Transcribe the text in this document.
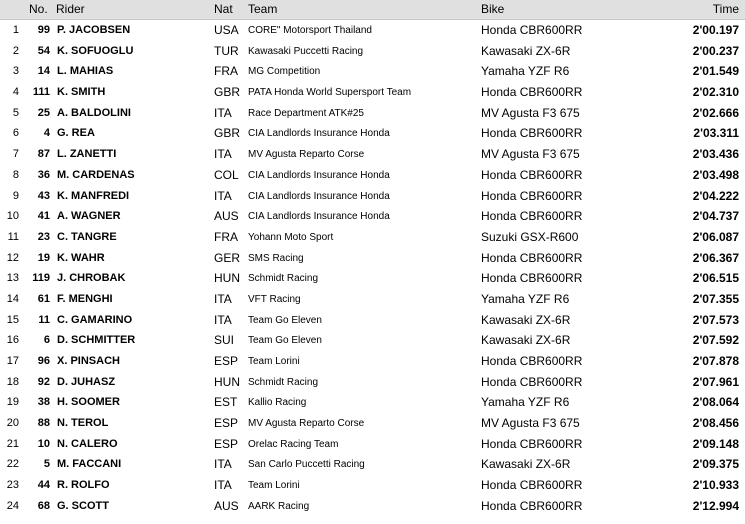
No. Rider	Nat Team	Bike	Time
1	99 P. JACOBSEN	USA CORE" Motorsport Thailand	Honda CBR600RR	2'00.197
2	54 K. SOFUOGLU	TUR Kawasaki Puccetti Racing	Kawasaki ZX-6R	2'00.237
3	14 L. MAHIAS	FRA MG Competition	Yamaha YZF R6	2'01.549
4	111 K. SMITH	GBR PATA Honda World Supersport Team	Honda CBR600RR	2'02.310
5	25 A. BALDOLINI	ITA Race Department ATK#25	MV Agusta F3 675	2'02.666
6	4 G. REA	GBR CIA Landlords Insurance Honda	Honda CBR600RR	2'03.311
7	87 L. ZANETTI	ITA MV Agusta Reparto Corse	MV Agusta F3 675	2'03.436
8	36 M. CARDENAS	COL CIA Landlords Insurance Honda	Honda CBR600RR	2'03.498
9	43 K. MANFREDI	ITA CIA Landlords Insurance Honda	Honda CBR600RR	2'04.222
10	41 A. WAGNER	AUS CIA Landlords Insurance Honda	Honda CBR600RR	2'04.737
11	23 C. TANGRE	FRA Yohann Moto Sport	Suzuki GSX-R600	2'06.087
12	19 K. WAHR	GER SMS Racing	Honda CBR600RR	2'06.367
13	119 J. CHROBAK	HUN Schmidt Racing	Honda CBR600RR	2'06.515
14	61 F. MENGHI	ITA VFT Racing	Yamaha YZF R6	2'07.355
15	11 C. GAMARINO	ITA Team Go Eleven	Kawasaki ZX-6R	2'07.573
16	6 D. SCHMITTER	SUI Team Go Eleven	Kawasaki ZX-6R	2'07.592
17	96 X. PINSACH	ESP Team Lorini	Honda CBR600RR	2'07.878
18	92 D. JUHASZ	HUN Schmidt Racing	Honda CBR600RR	2'07.961
19	38 H. SOOMER	EST Kallio Racing	Yamaha YZF R6	2'08.064
20	88 N. TEROL	ESP MV Agusta Reparto Corse	MV Agusta F3 675	2'08.456
21	10 N. CALERO	ESP Orelac Racing Team	Honda CBR600RR	2'09.148
22	5 M. FACCANI	ITA San Carlo Puccetti Racing	Kawasaki ZX-6R	2'09.375
23	44 R. ROLFO	ITA Team Lorini	Honda CBR600RR	2'10.933
24	68 G. SCOTT	AUS AARK Racing	Honda CBR600RR	2'12.994
